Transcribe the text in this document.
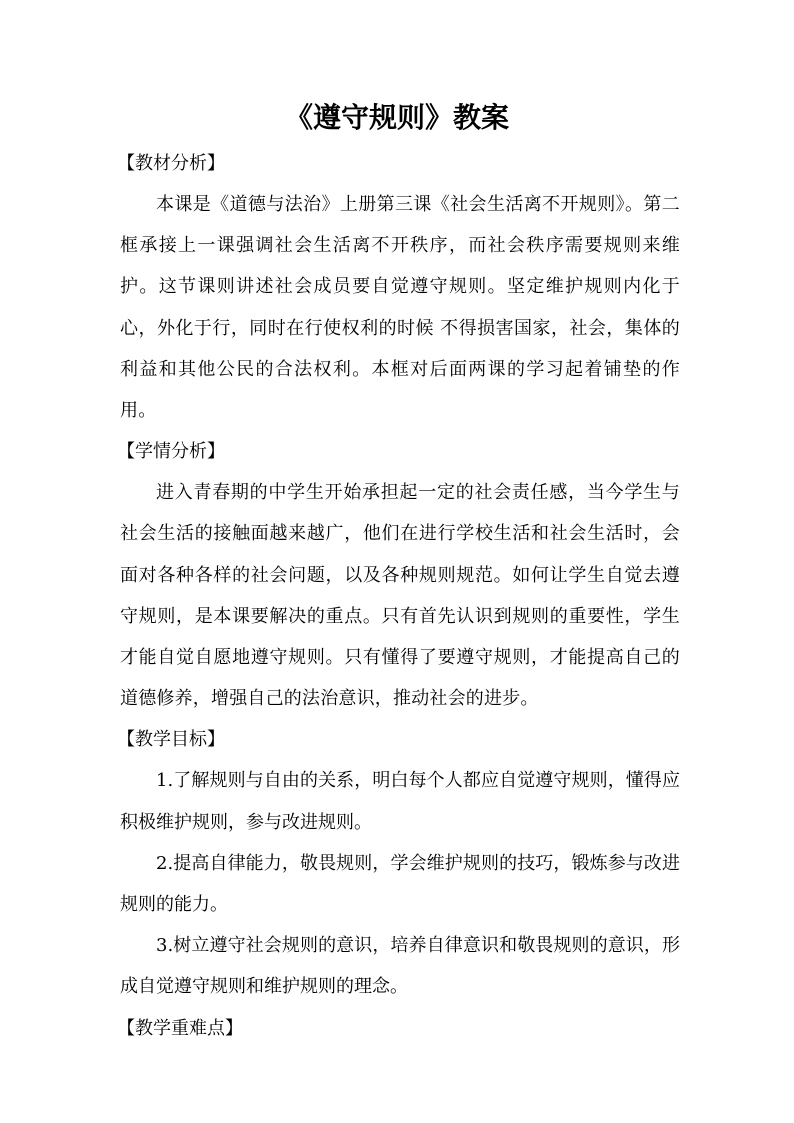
《遵守规则》教案
【教材分析】
本课是《道德与法治》上册第三课《社会生活离不开规则》。第二框承接上一课强调社会生活离不开秩序，而社会秩序需要规则来维护。这节课则讲述社会成员要自觉遵守规则。坚定维护规则内化于心，外化于行，同时在行使权利的时候 不得损害国家，社会，集体的利益和其他公民的合法权利。本框对后面两课的学习起着铺垫的作用。
【学情分析】
进入青春期的中学生开始承担起一定的社会责任感，当今学生与社会生活的接触面越来越广，他们在进行学校生活和社会生活时，会面对各种各样的社会问题，以及各种规则规范。如何让学生自觉去遵守规则，是本课要解决的重点。只有首先认识到规则的重要性，学生才能自觉自愿地遵守规则。只有懂得了要遵守规则，才能提高自己的道德修养，增强自己的法治意识，推动社会的进步。
【教学目标】
1.了解规则与自由的关系，明白每个人都应自觉遵守规则，懂得应积极维护规则，参与改进规则。
2.提高自律能力，敬畏规则，学会维护规则的技巧，锻炼参与改进规则的能力。
3.树立遵守社会规则的意识，培养自律意识和敬畏规则的意识，形成自觉遵守规则和维护规则的理念。
【教学重难点】
